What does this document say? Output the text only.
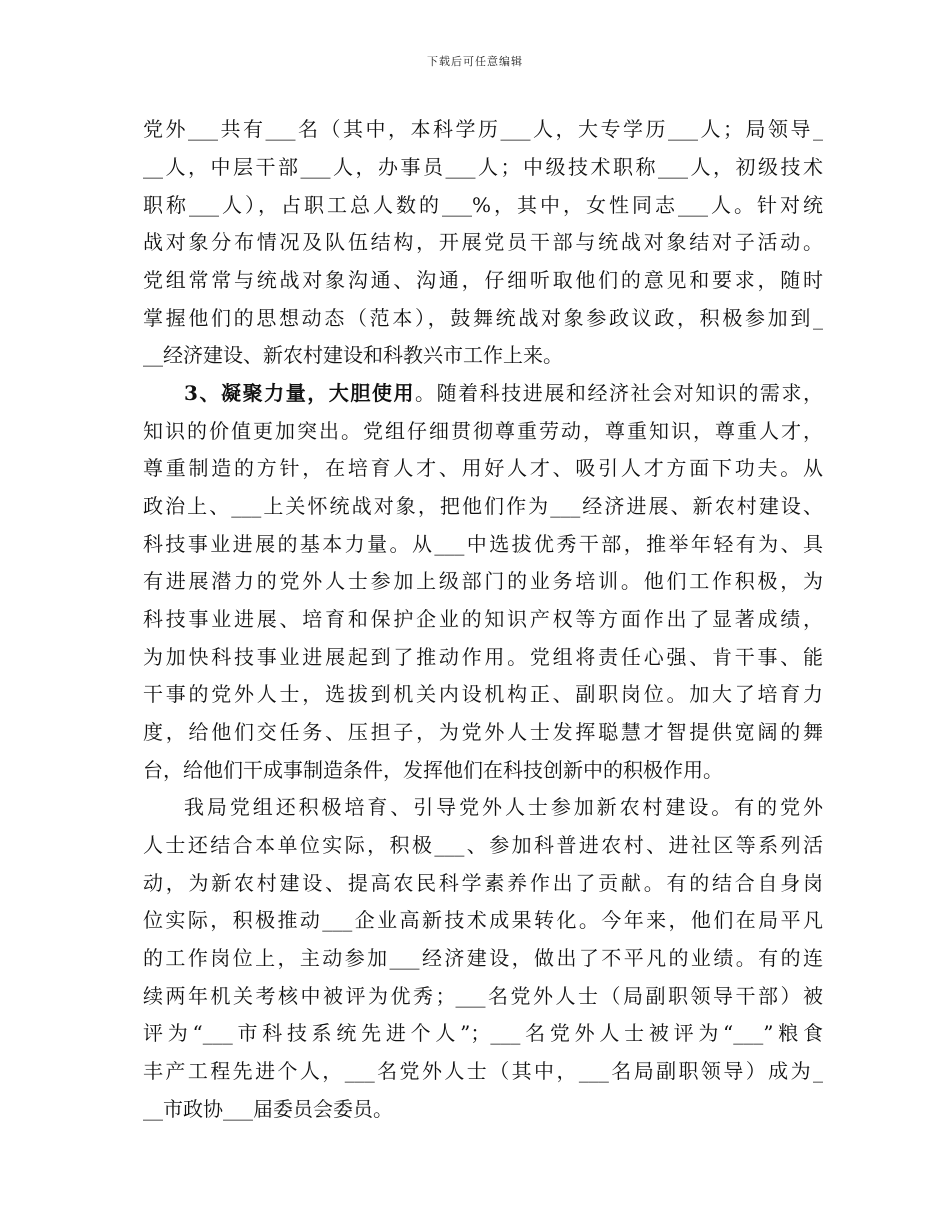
下载后可任意编辑
党外___共有___名（其中，本科学历___人，大专学历___人；局领导_
__人，中层干部___人，办事员___人；中级技术职称___人，初级技术
职称___人），占职工总人数的___%，其中，女性同志___人。针对统
战对象分布情况及队伍结构，开展党员干部与统战对象结对子活动。
党组常常与统战对象沟通、沟通，仔细听取他们的意见和要求，随时
掌握他们的思想动态（范本），鼓舞统战对象参政议政，积极参加到_
__经济建设、新农村建设和科教兴市工作上来。
3、凝聚力量，大胆使用。随着科技进展和经济社会对知识的需求，
知识的价值更加突出。党组仔细贯彻尊重劳动，尊重知识，尊重人才，
尊重制造的方针，在培育人才、用好人才、吸引人才方面下功夫。从
政治上、___上关怀统战对象，把他们作为___经济进展、新农村建设、
科技事业进展的基本力量。从___中选拔优秀干部，推举年轻有为、具
有进展潜力的党外人士参加上级部门的业务培训。他们工作积极，为
科技事业进展、培育和保护企业的知识产权等方面作出了显著成绩，
为加快科技事业进展起到了推动作用。党组将责任心强、肯干事、能
干事的党外人士，选拔到机关内设机构正、副职岗位。加大了培育力
度，给他们交任务、压担子，为党外人士发挥聪慧才智提供宽阔的舞
台，给他们干成事制造条件，发挥他们在科技创新中的积极作用。
我局党组还积极培育、引导党外人士参加新农村建设。有的党外
人士还结合本单位实际，积极___、参加科普进农村、进社区等系列活
动，为新农村建设、提高农民科学素养作出了贡献。有的结合自身岗
位实际，积极推动___企业高新技术成果转化。今年来，他们在局平凡
的工作岗位上，主动参加___经济建设，做出了不平凡的业绩。有的连
续两年机关考核中被评为优秀；___名党外人士（局副职领导干部）被
评为“___市科技系统先进个人”；___名党外人士被评为“___”粮食
丰产工程先进个人，___名党外人士（其中，___名局副职领导）成为_
__市政协___届委员会委员。
